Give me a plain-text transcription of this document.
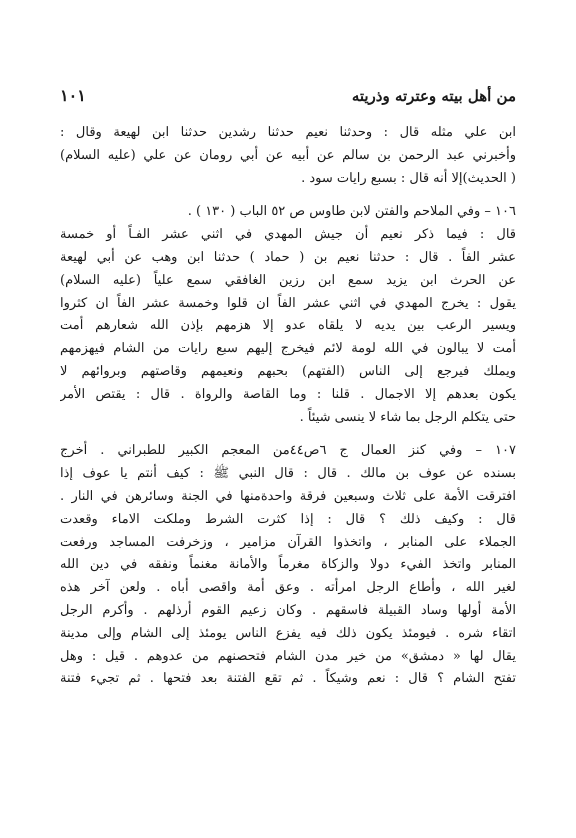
من أهل بيته وعترته وذريته
١٠١

ابن علي مثله قال : وحدثنا نعيم حدثنا رشدين حدثنا ابن لهيعة وقال :
وأخبرني عبد الرحمن بن سالم عن أبيه عن أبي رومان عن علي (عليه السلام)
( الحديث)إلا أنه قال : بسبع رايات سود .

١٠٦ – وفي الملاحم والفتن لابن طاوس ص ٥٢ الباب ( ١٣٠ ) .
قال : فيما ذكر نعيم أن جيش المهدي في اثني عشر الفـاً أو خمسة
عشر الفاً . قال : حدثنا نعيم بن ( حماد ) حدثنا ابن وهب عن أبي لهيعة
عن الحرث ابن يزيد سمع ابن رزين الغافقي سمع علياً (عليه السلام)
يقول : يخرج المهدي في اثني عشر الفاً ان قلوا وخمسة عشر الفاً ان كثروا
ويسير الرعب بين يديه لا يلقاه عدو إلا هزمهم بإذن الله شعارهم أمت
أمت لا يبالون في الله لومة لائم فيخرج إليهم سبع رايات من الشام فيهزمهم
ويملك فيرجع إلى الناس (الفتهم) بحبهم ونعيمهم وقاصتهم وبروائهم لا
يكون بعدهم إلا الاجمال . قلنا : وما القاصة والرواة . قال : يقتص الأمر
حتى يتكلم الرجل بما شاء لا ينسى شيئاً .

١٠٧ – وفي كنز العمال ج ٦ص٤٤من المعجم الكبير للطبراني . أخرج
بسنده عن عوف بن مالك . قال : قال النبي ﷺ : كيف أنتم يا عوف إذا
افترقت الأمة على ثلاث وسبعين فرقة واحدةمنها في الجنة وسائرهن في النار .
قال : وكيف ذلك ؟ قال : إذا كثرت الشرط وملكت الاماء وقعدت
الجملاء على المنابر ، واتخذوا القرآن مزامير ، وزخرفت المساجد ورفعت
المنابر واتخذ الفيء دولا والزكاة مغرماً والأمانة مغنماً ونفقه في دين الله
لغير الله ، وأطاع الرجل امرأته . وعق أمة واقصى أباه . ولعن آخر هذه
الأمة أولها وساد القبيلة فاسقهم . وكان زعيم القوم أرذلهم . وأكرم الرجل
اتقاء شره . فيومئذ يكون ذلك فيه يفزع الناس يومئذ إلى الشام وإلى مدينة
يقال لها « دمشق» من خير مدن الشام فتحصنهم من عدوهم . قيل : وهل
تفتح الشام ؟ قال : نعم وشيكاً . ثم تقع الفتنة بعد فتحها . ثم تجيء فتنة
